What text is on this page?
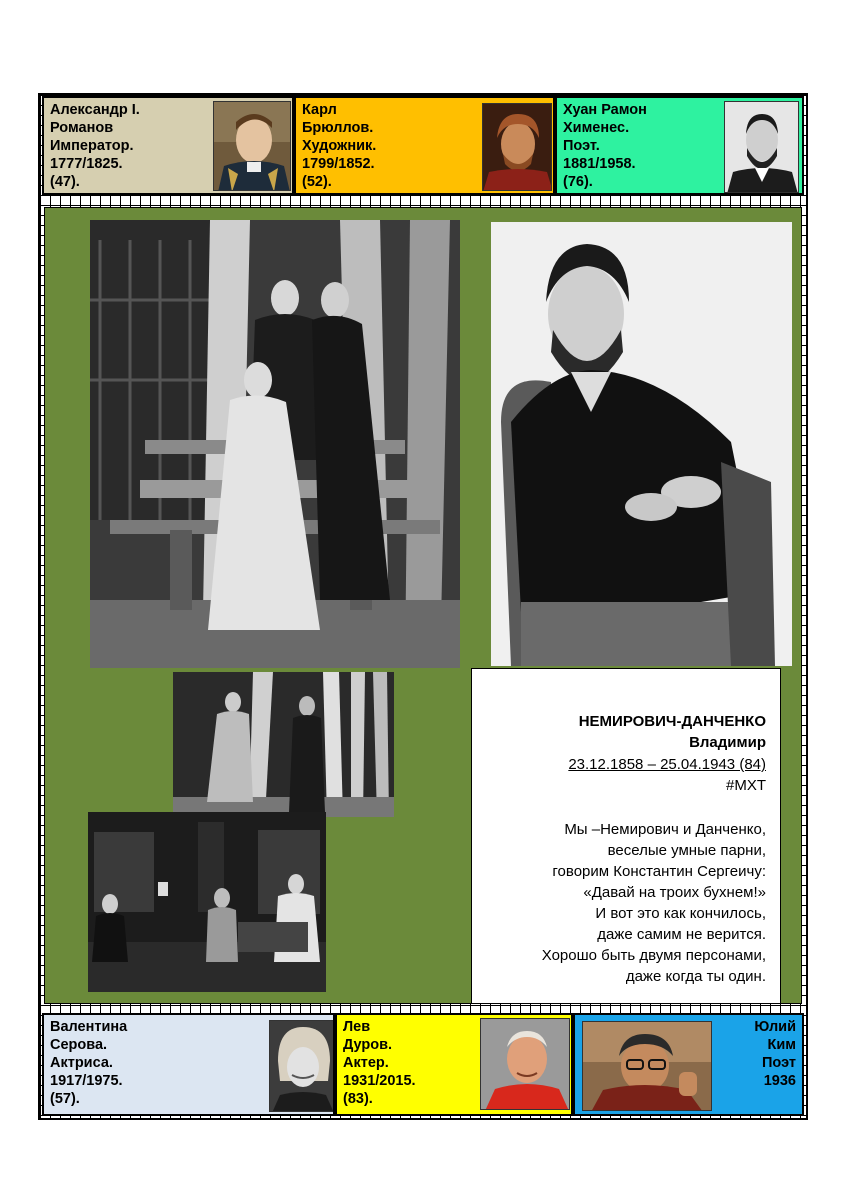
Александр I.
Романов
Император.
1777/1825.
(47).
Карл
Брюллов.
Художник.
1799/1852.
(52).
Хуан Рамон
Хименес.
Поэт.
1881/1958.
(76).
НЕМИРОВИЧ-ДАНЧЕНКО
Владимир
23.12.1858 – 25.04.1943 (84)
#МХТ
Мы –Немирович и Данченко,
веселые умные парни,
говорим Константин Сергеичу:
«Давай на троих бухнем!»
И вот это как кончилось,
даже самим не верится.
Хорошо быть двумя персонами,
даже когда ты один.
Валентина
Серова.
Актриса.
1917/1975.
(57).
Лев
Дуров.
Актер.
1931/2015.
(83).
Юлий
Ким
Поэт
1936
